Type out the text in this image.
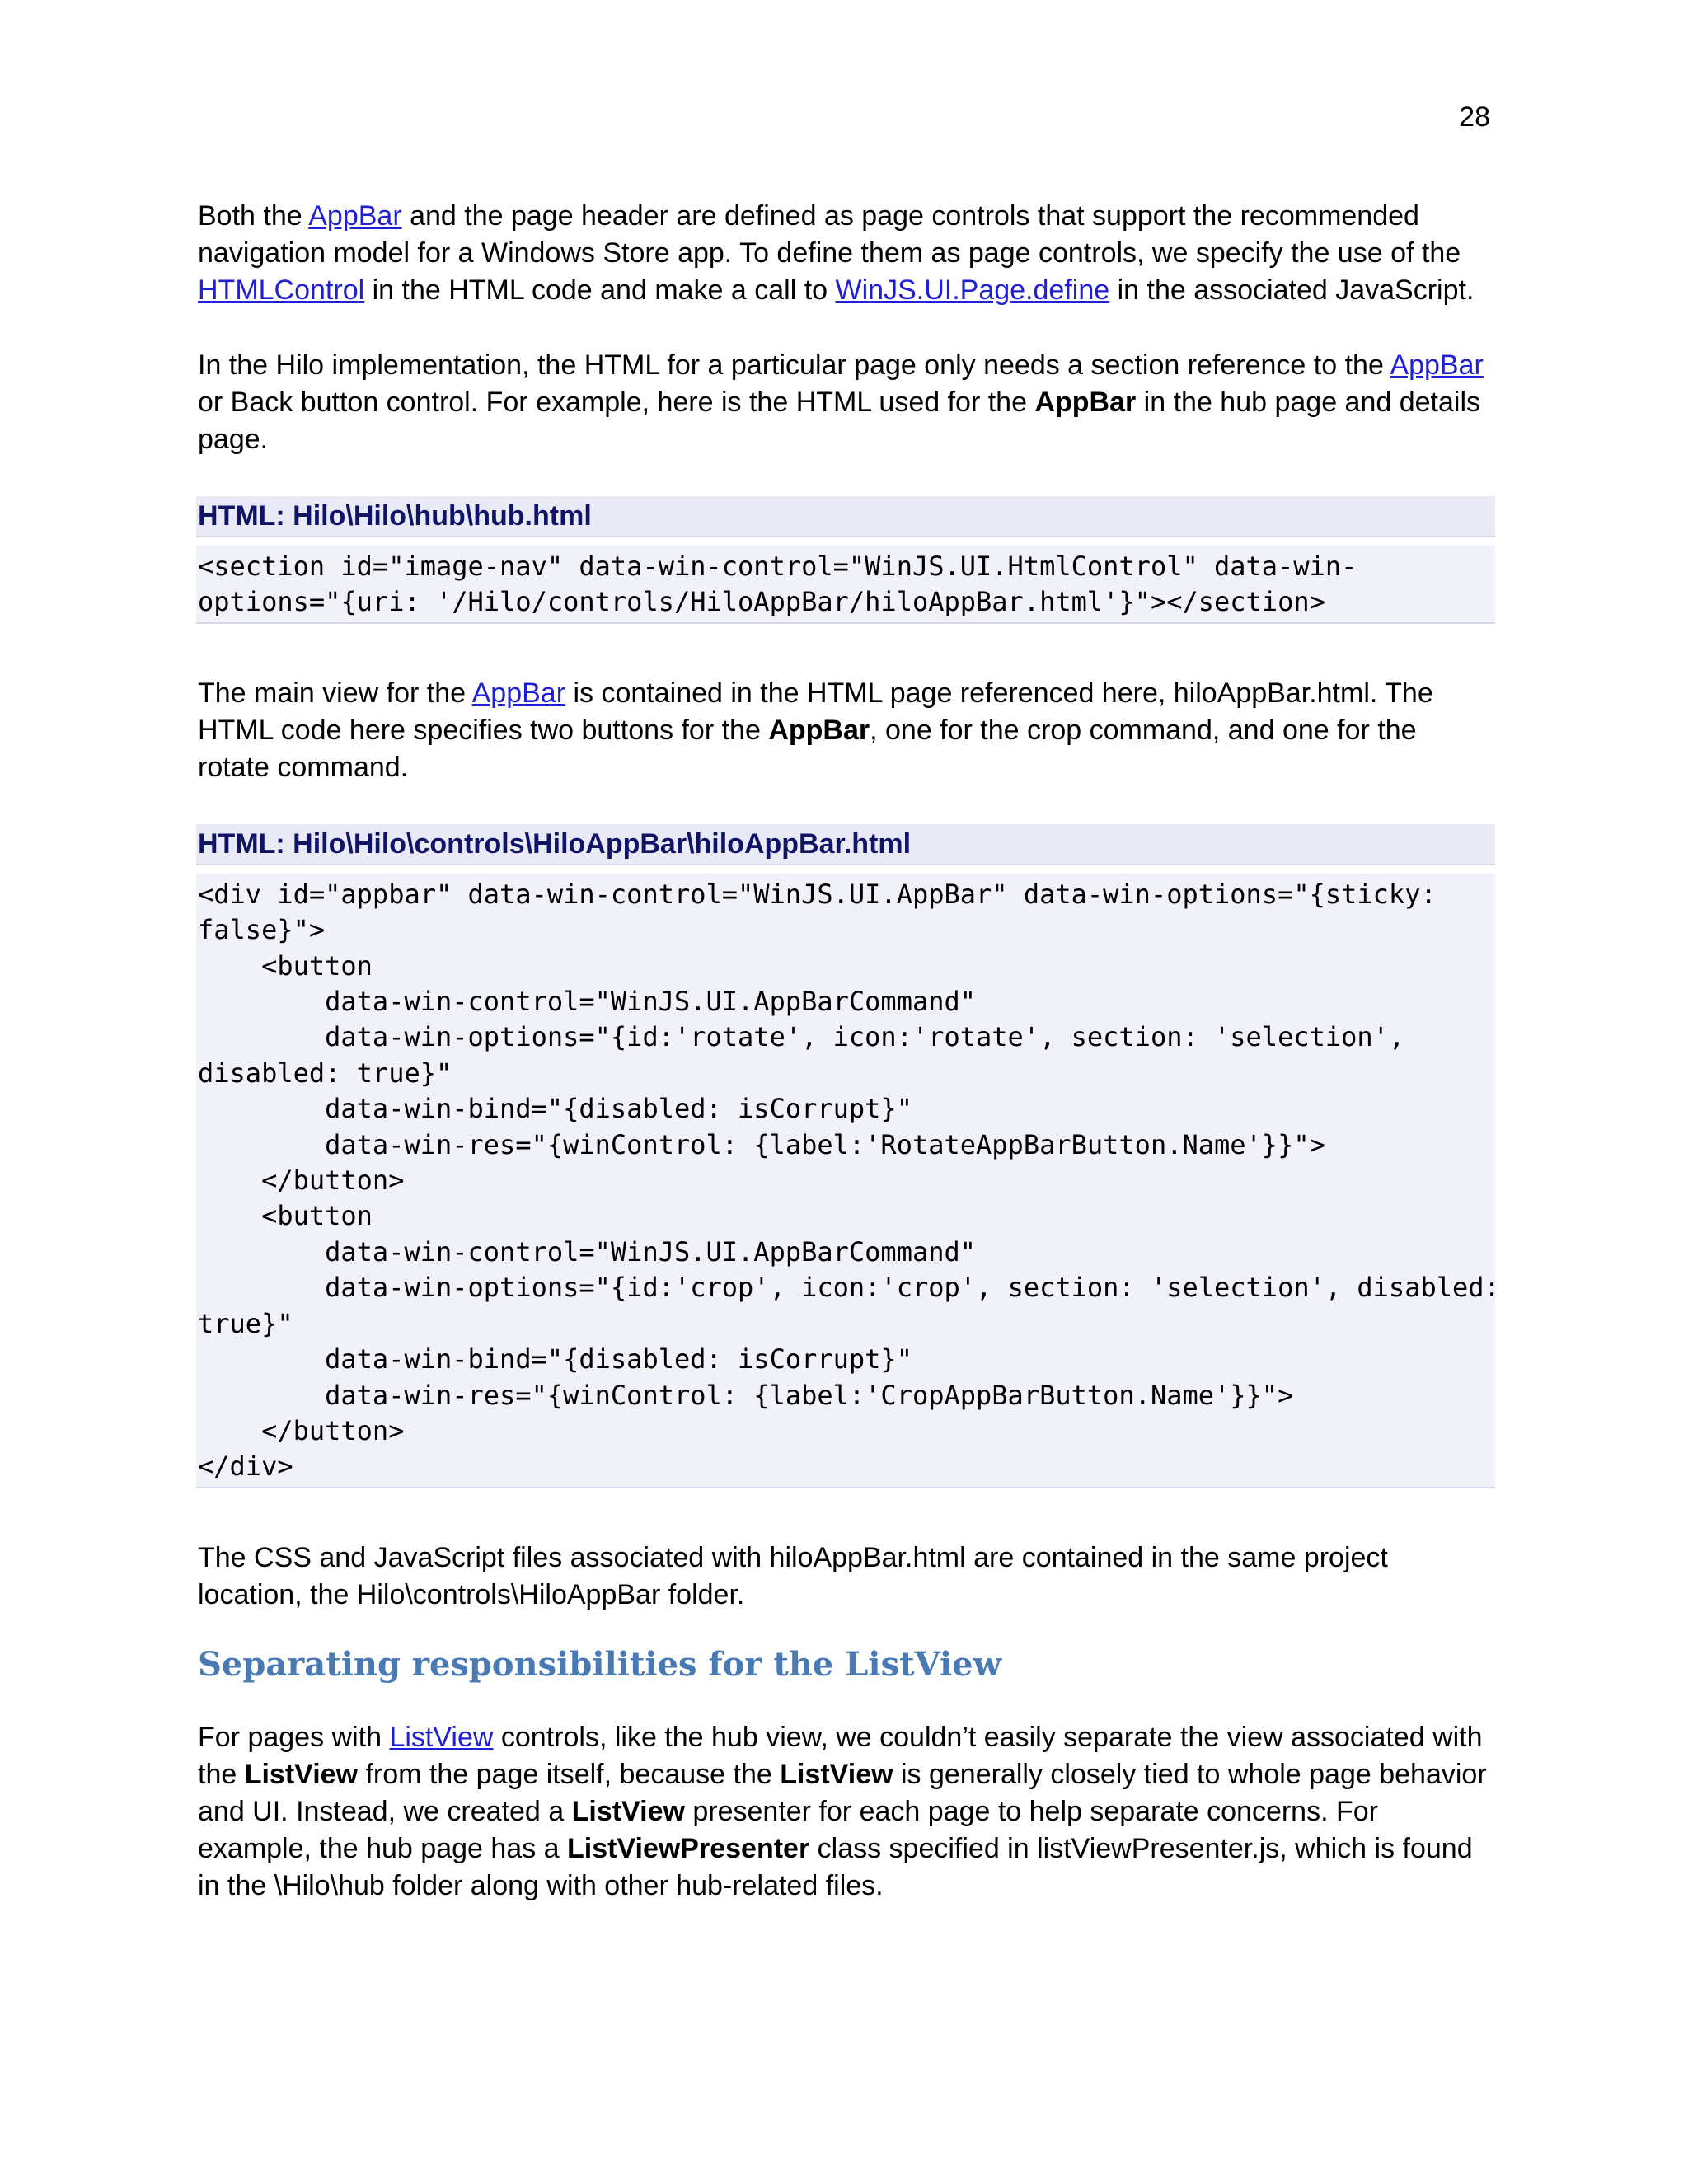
28

Both the AppBar and the page header are defined as page controls that support the recommended navigation model for a Windows Store app. To define them as page controls, we specify the use of the HTMLControl in the HTML code and make a call to WinJS.UI.Page.define in the associated JavaScript.

In the Hilo implementation, the HTML for a particular page only needs a section reference to the AppBar or Back button control. For example, here is the HTML used for the AppBar in the hub page and details page.

HTML: Hilo\Hilo\hub\hub.html
<section id="image-nav" data-win-control="WinJS.UI.HtmlControl" data-win-
options="{uri: '/Hilo/controls/HiloAppBar/hiloAppBar.html'}"></section>

The main view for the AppBar is contained in the HTML page referenced here, hiloAppBar.html. The HTML code here specifies two buttons for the AppBar, one for the crop command, and one for the rotate command.

HTML: Hilo\Hilo\controls\HiloAppBar\hiloAppBar.html
<div id="appbar" data-win-control="WinJS.UI.AppBar" data-win-options="{sticky:
false}">
<button
data-win-control="WinJS.UI.AppBarCommand"
data-win-options="{id:'rotate', icon:'rotate', section: 'selection',
disabled: true}"
data-win-bind="{disabled: isCorrupt}"
data-win-res="{winControl: {label:'RotateAppBarButton.Name'}}">
</button>
<button
data-win-control="WinJS.UI.AppBarCommand"
data-win-options="{id:'crop', icon:'crop', section: 'selection', disabled:
true}"
data-win-bind="{disabled: isCorrupt}"
data-win-res="{winControl: {label:'CropAppBarButton.Name'}}">
</button>
</div>

The CSS and JavaScript files associated with hiloAppBar.html are contained in the same project location, the Hilo\controls\HiloAppBar folder.

Separating responsibilities for the ListView

For pages with ListView controls, like the hub view, we couldn’t easily separate the view associated with the ListView from the page itself, because the ListView is generally closely tied to whole page behavior and UI. Instead, we created a ListView presenter for each page to help separate concerns. For example, the hub page has a ListViewPresenter class specified in listViewPresenter.js, which is found in the \Hilo\hub folder along with other hub-related files.
